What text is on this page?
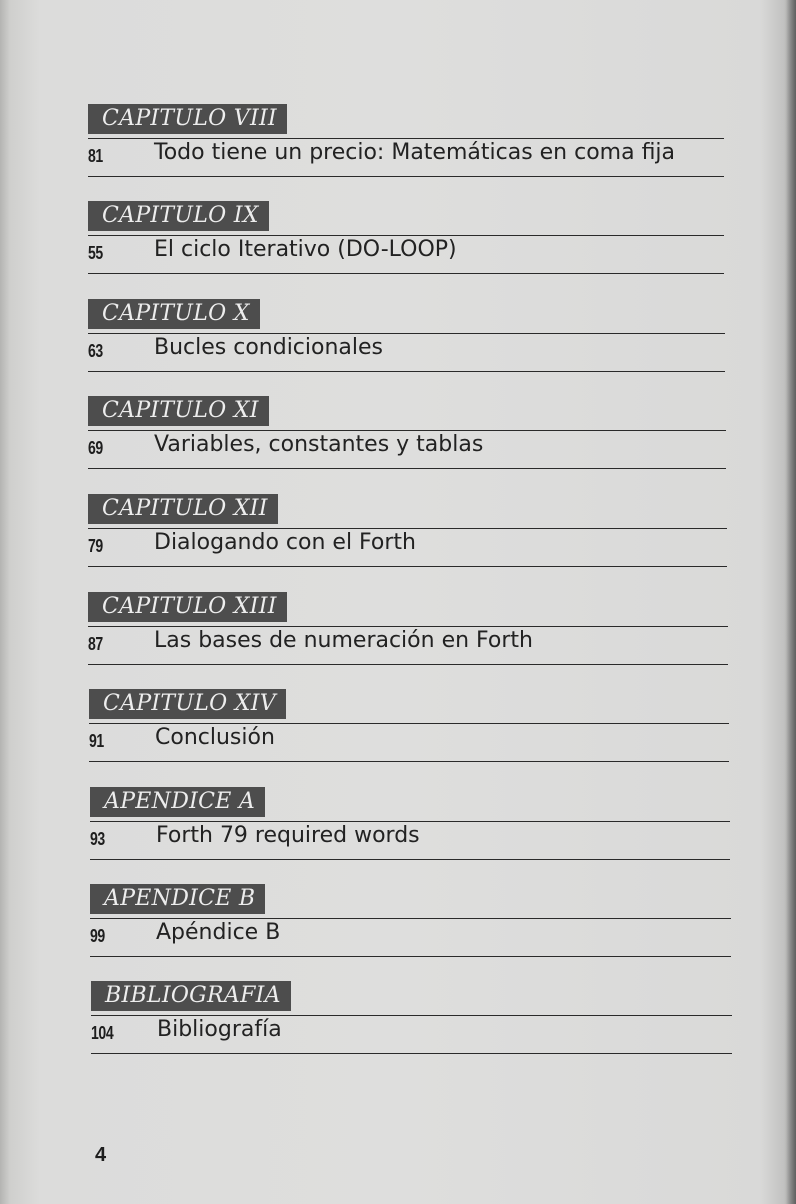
CAPITULO VIII
81 Todo tiene un precio: Matemáticas en coma fija
CAPITULO IX
55 El ciclo Iterativo (DO-LOOP)
CAPITULO X
63 Bucles condicionales
CAPITULO XI
69 Variables, constantes y tablas
CAPITULO XII
79 Dialogando con el Forth
CAPITULO XIII
87 Las bases de numeración en Forth
CAPITULO XIV
91 Conclusión
APENDICE A
93 Forth 79 required words
APENDICE B
99 Apéndice B
BIBLIOGRAFIA
104 Bibliografía
4
